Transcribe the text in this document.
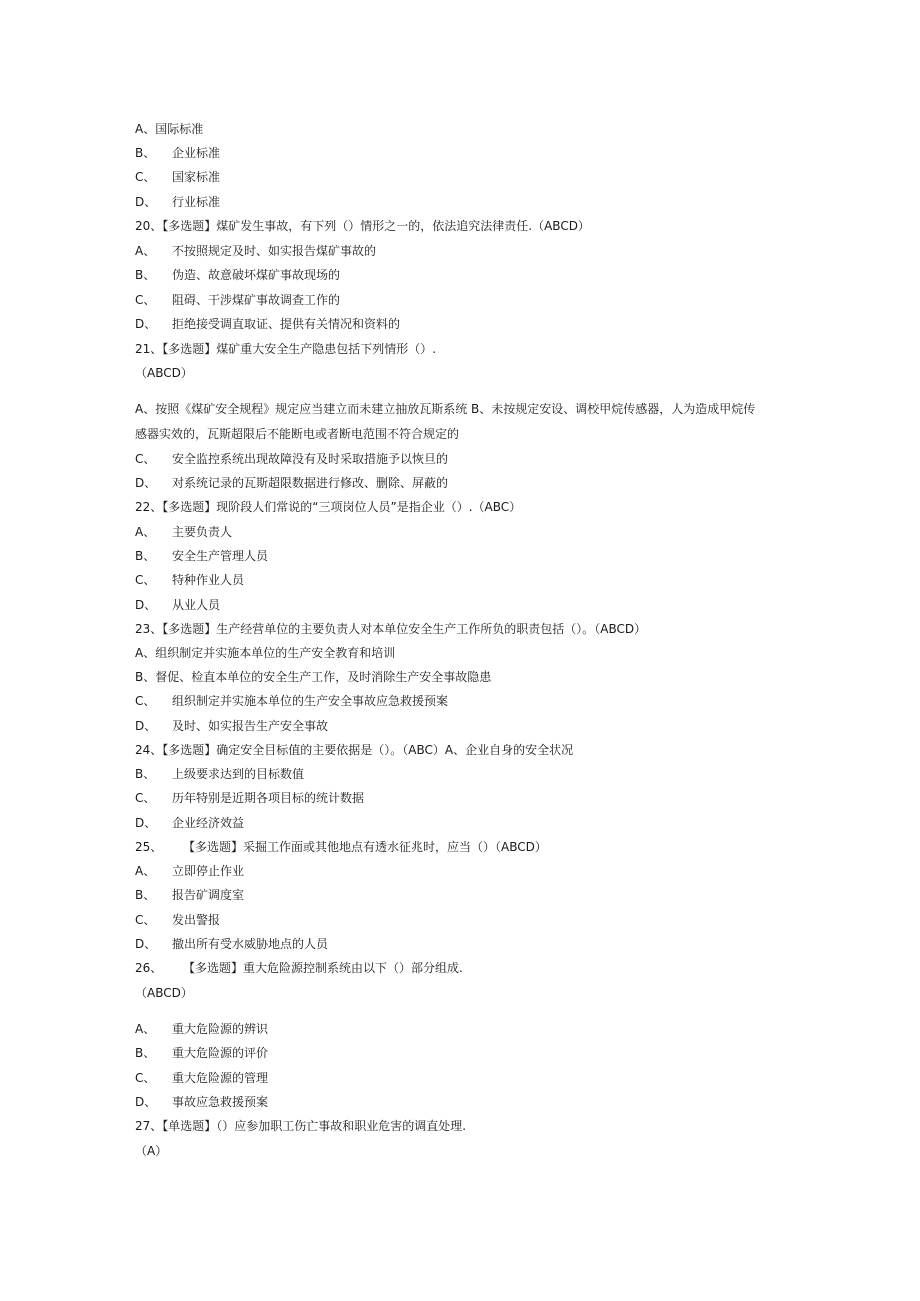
A、国际标准
B、 企业标准
C、 国家标准
D、 行业标准
20、【多选题】煤矿发生事故，有下列（）情形之一的，依法追究法律责任.（ABCD）
A、 不按照规定及时、如实报告煤矿事故的
B、 伪造、故意破坏煤矿事故现场的
C、 阻碍、干涉煤矿事故调查工作的
D、 拒绝接受调直取证、提供有关情况和资料的
21、【多选题】煤矿重大安全生产隐患包括下列情形（）.
（ABCD）
A、按照《煤矿安全规程》规定应当建立而未建立抽放瓦斯系统 B、未按规定安设、调校甲烷传感器，人为造成甲烷传
感器实效的，瓦斯超限后不能断电或者断电范围不符合规定的
C、 安全监控系统出现故障没有及时采取措施予以恢旦的
D、 对系统记录的瓦斯超限数据进行修改、删除、屏蔽的
22、【多选题】现阶段人们常说的“三项岗位人员”是指企业（）.（ABC）
A、 主要负责人
B、 安全生产管理人员
C、 特种作业人员
D、 从业人员
23、【多选题】生产经营单位的主要负责人对本单位安全生产工作所负的职责包括（）。（ABCD）
A、组织制定并实施本单位的生产安全教育和培训
B、督促、检直本单位的安全生产工作，及时消除生产安全事故隐患
C、 组织制定并实施本单位的生产安全事故应急救援预案
D、 及时、如实报告生产安全事故
24、【多选题】确定安全目标值的主要依据是（）。（ABC）A、企业自身的安全状况
B、 上级要求达到的目标数值
C、 历年特别是近期各项目标的统计数据
D、 企业经济效益
25、 【多选题】采掘工作面或其他地点有透水征兆时，应当（）（ABCD）
A、 立即停止作业
B、 报告矿调度室
C、 发出警报
D、 撤出所有受水威胁地点的人员
26、 【多选题】重大危险源控制系统由以下（）部分组成.
（ABCD）
A、 重大危险源的辨识
B、 重大危险源的评价
C、 重大危险源的管理
D、 事故应急救援预案
27、【单选题】（）应参加职工伤亡事故和职业危害的调直处理.
（A）
